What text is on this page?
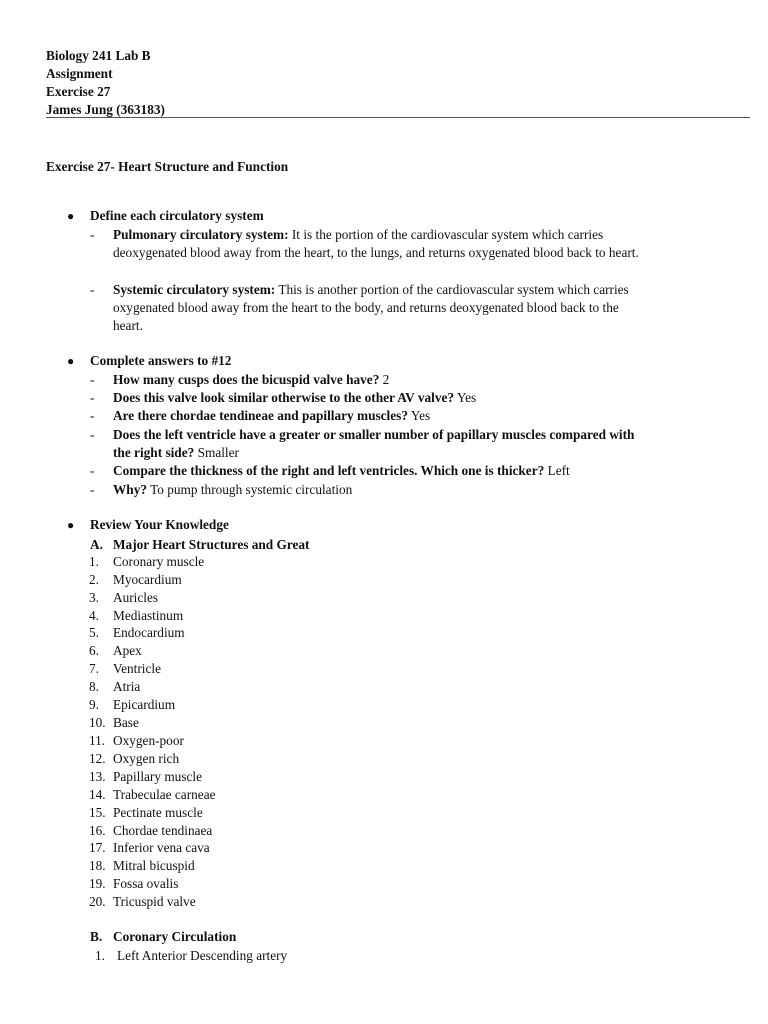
Biology 241 Lab B
Assignment
Exercise 27
James Jung (363183)
Exercise 27- Heart Structure and Function
● Define each circulatory system
- Pulmonary circulatory system: It is the portion of the cardiovascular system which carries
deoxygenated blood away from the heart, to the lungs, and returns oxygenated blood back to heart.
- Systemic circulatory system: This is another portion of the cardiovascular system which carries
oxygenated blood away from the heart to the body, and returns deoxygenated blood back to the
heart.
● Complete answers to #12
- How many cusps does the bicuspid valve have? 2
- Does this valve look similar otherwise to the other AV valve? Yes
- Are there chordae tendineae and papillary muscles? Yes
- Does the left ventricle have a greater or smaller number of papillary muscles compared with
the right side? Smaller
- Compare the thickness of the right and left ventricles. Which one is thicker? Left
- Why? To pump through systemic circulation
● Review Your Knowledge
A. Major Heart Structures and Great
1.	Coronary muscle
2.	Myocardium
3.	Auricles
4.	Mediastinum
5.	Endocardium
6.	Apex
7.	Ventricle
8.	Atria
9.	Epicardium
10. Base
11. Oxygen-poor
12. Oxygen rich
13. Papillary muscle
14. Trabeculae carneae
15. Pectinate muscle
16. Chordae tendinaea
17. Inferior vena cava
18. Mitral bicuspid
19. Fossa ovalis
20. Tricuspid valve
B. Coronary Circulation
1. Left Anterior Descending artery
